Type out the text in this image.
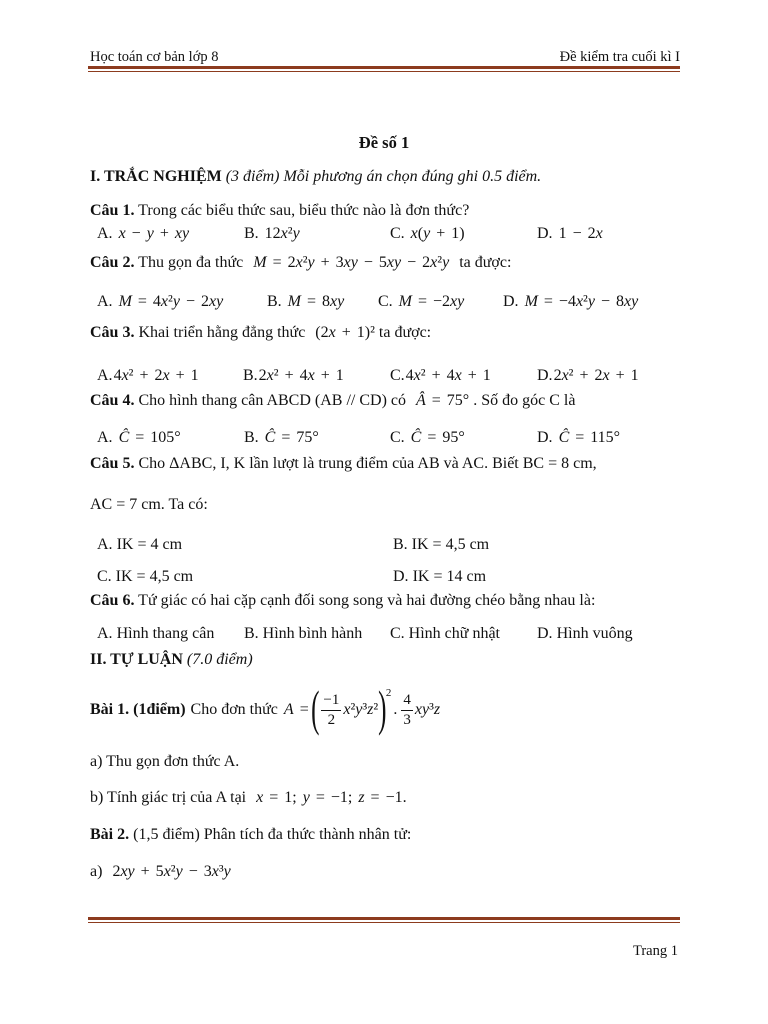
Học toán cơ bản lớp 8	Đề kiểm tra cuối kì I
Đề số 1
I. TRẮC NGHIỆM (3 điểm) Mỗi phương án chọn đúng ghi 0.5 điểm.
Câu 1. Trong các biểu thức sau, biểu thức nào là đơn thức?
A. x − y + xy	B. 12x²y	C. x(y + 1)	D. 1 − 2x
Câu 2. Thu gọn đa thức M = 2x²y + 3xy − 5xy − 2x²y ta được:
A. M = 4x²y − 2xy	B. M = 8xy C. M = −2xy D. M = −4x²y − 8xy
Câu 3. Khai triển hằng đẳng thức (2x + 1)² ta được:
A.4x² + 2x + 1	B.2x² + 4x + 1	C.4x² + 4x + 1	D.2x² + 2x + 1
Câu 4. Cho hình thang cân ABCD (AB // CD) có Â = 75° . Số đo góc C là
A. Ĉ = 105°	B. Ĉ = 75°	C. Ĉ = 95°	D. Ĉ = 115°
Câu 5. Cho ΔABC, I, K lần lượt là trung điểm của AB và AC. Biết BC = 8 cm,
AC = 7 cm. Ta có:
A. IK = 4 cm	B. IK = 4,5 cm
C. IK = 4,5 cm	D. IK = 14 cm
Câu 6. Tứ giác có hai cặp cạnh đối song song và hai đường chéo bằng nhau là:
A. Hình thang cân B. Hình bình hành C. Hình chữ nhật D. Hình vuông
II. TỰ LUẬN (7.0 điểm)
Bài 1. (1điểm) Cho đơn thức A = ( $\frac{-1}{2} x^2y^3z^2$ ) 2
. $\frac{4}{3} xy^3z$
a) Thu gọn đơn thức A.
b) Tính giác trị của A tại x = 1; y = −1; z = −1.
Bài 2. (1,5 điểm) Phân tích đa thức thành nhân tử:
a) 2xy + 5x²y − 3x³y
Trang 1
